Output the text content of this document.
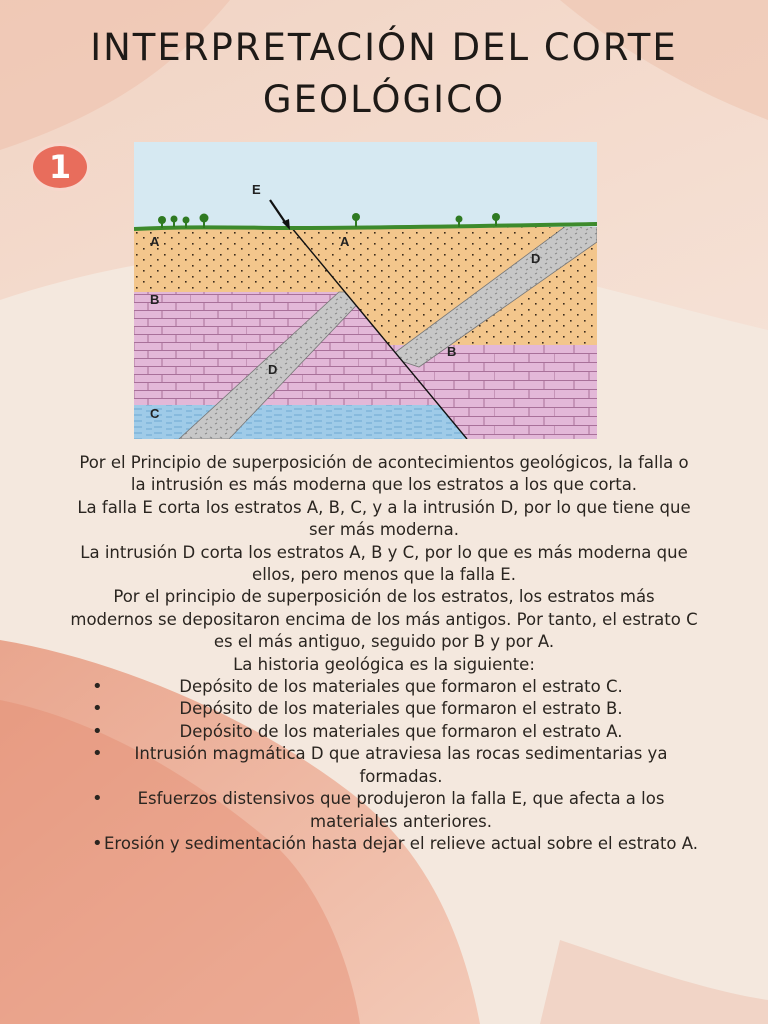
INTERPRETACIÓN DEL CORTE
GEOLÓGICO
1
E
A	A
B
B
C
D
D

Por el Principio de superposición de acontecimientos geológicos, la falla o la intrusión es más moderna que los estratos a los que corta.

La falla E corta los estratos A, B, C, y a la intrusión D, por lo que tiene que ser más moderna.

La intrusión D corta los estratos A, B y C, por lo que es más moderna que ellos, pero menos que la falla E.

Por el principio de superposición de los estratos, los estratos más modernos se depositaron encima de los más antigos. Por tanto, el estrato C es el más antiguo, seguido por B y por A.

La historia geológica es la siguiente:

• Depósito de los materiales que formaron el estrato C.
• Depósito de los materiales que formaron el estrato B.
• Depósito de los materiales que formaron el estrato A.
• Intrusión magmática D que atraviesa las rocas sedimentarias ya formadas.
• Esfuerzos distensivos que produjeron la falla E, que afecta a los materiales anteriores.
• Erosión y sedimentación hasta dejar el relieve actual sobre el estrato A.
